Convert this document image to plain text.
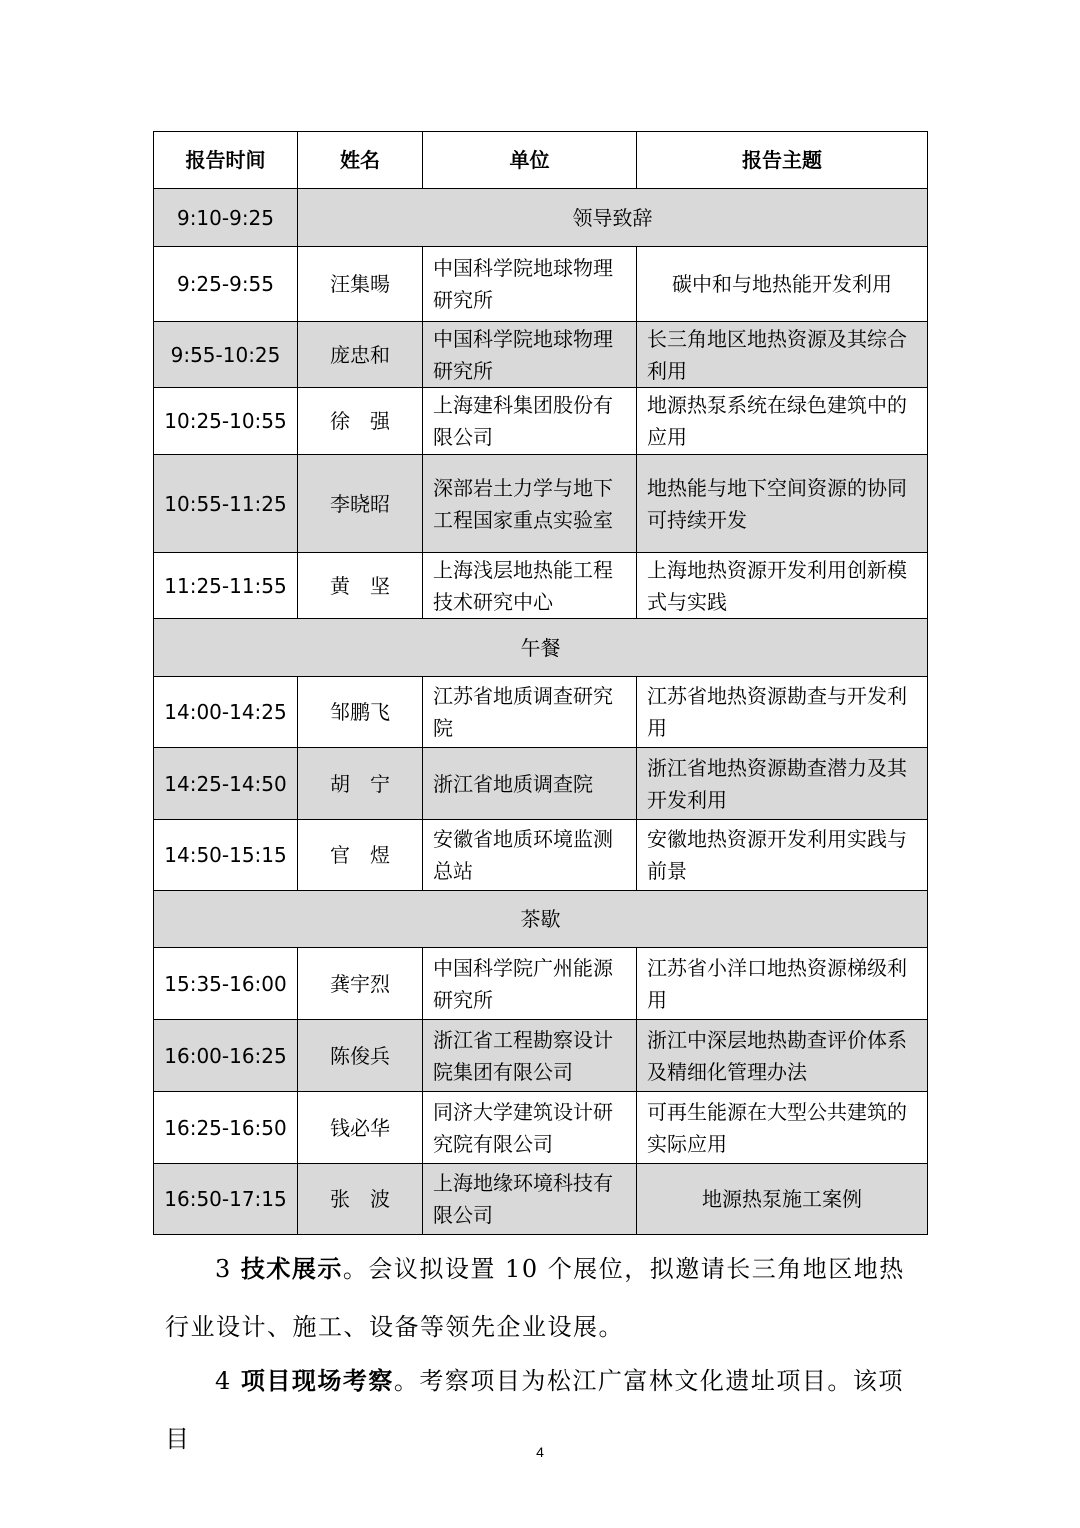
报告时间	姓名	单位	报告主题
9:10-9:25	领导致辞		
9:25-9:55	汪集暘	中国科学院地球物理研究所	碳中和与地热能开发利用
9:55-10:25	庞忠和	中国科学院地球物理研究所	长三角地区地热资源及其综合利用
10:25-10:55	徐　强	上海建科集团股份有限公司	地源热泵系统在绿色建筑中的应用
10:55-11:25	李晓昭	深部岩土力学与地下工程国家重点实验室	地热能与地下空间资源的协同可持续开发
11:25-11:55	黄　坚	上海浅层地热能工程技术研究中心	上海地热资源开发利用创新模式与实践
午餐			
14:00-14:25	邹鹏飞	江苏省地质调查研究院	江苏省地热资源勘查与开发利用
14:25-14:50	胡　宁	浙江省地质调查院	浙江省地热资源勘查潜力及其开发利用
14:50-15:15	官　煜	安徽省地质环境监测总站	安徽地热资源开发利用实践与前景
茶歇			
15:35-16:00	龚宇烈	中国科学院广州能源研究所	江苏省小洋口地热资源梯级利用
16:00-16:25	陈俊兵	浙江省工程勘察设计院集团有限公司	浙江中深层地热勘查评价体系及精细化管理办法
16:25-16:50	钱必华	同济大学建筑设计研究院有限公司	可再生能源在大型公共建筑的实际应用
16:50-17:15	张　波	上海地缘环境科技有限公司	地源热泵施工案例
3 技术展示。会议拟设置 10 个展位，拟邀请长三角地区地热行业设计、施工、设备等领先企业设展。
4 项目现场考察。考察项目为松江广富林文化遗址项目。该项目	4
